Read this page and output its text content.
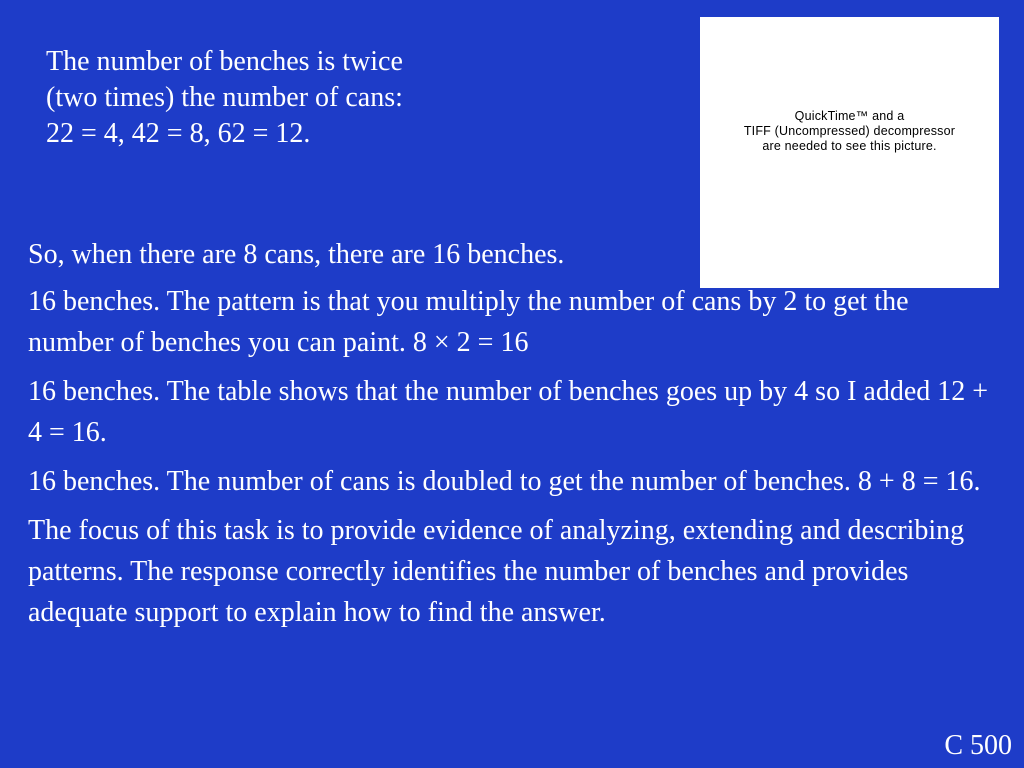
The number of benches is twice
(two times) the number of cans:
22 = 4, 42 = 8, 62 = 12.
QuickTime™ and a
TIFF (Uncompressed) decompressor
are needed to see this picture.

So, when there are 8 cans, there are 16 benches.

16 benches. The pattern is that you multiply the number of cans by 2 to get the number of benches you can paint. 8 × 2 = 16

16 benches. The table shows that the number of benches goes up by 4 so I added 12 + 4 = 16.

16 benches. The number of cans is doubled to get the number of benches. 8 + 8 = 16.

The focus of this task is to provide evidence of analyzing, extending and describing patterns. The response correctly identifies the number of benches and provides adequate support to explain how to find the answer.

C 500
